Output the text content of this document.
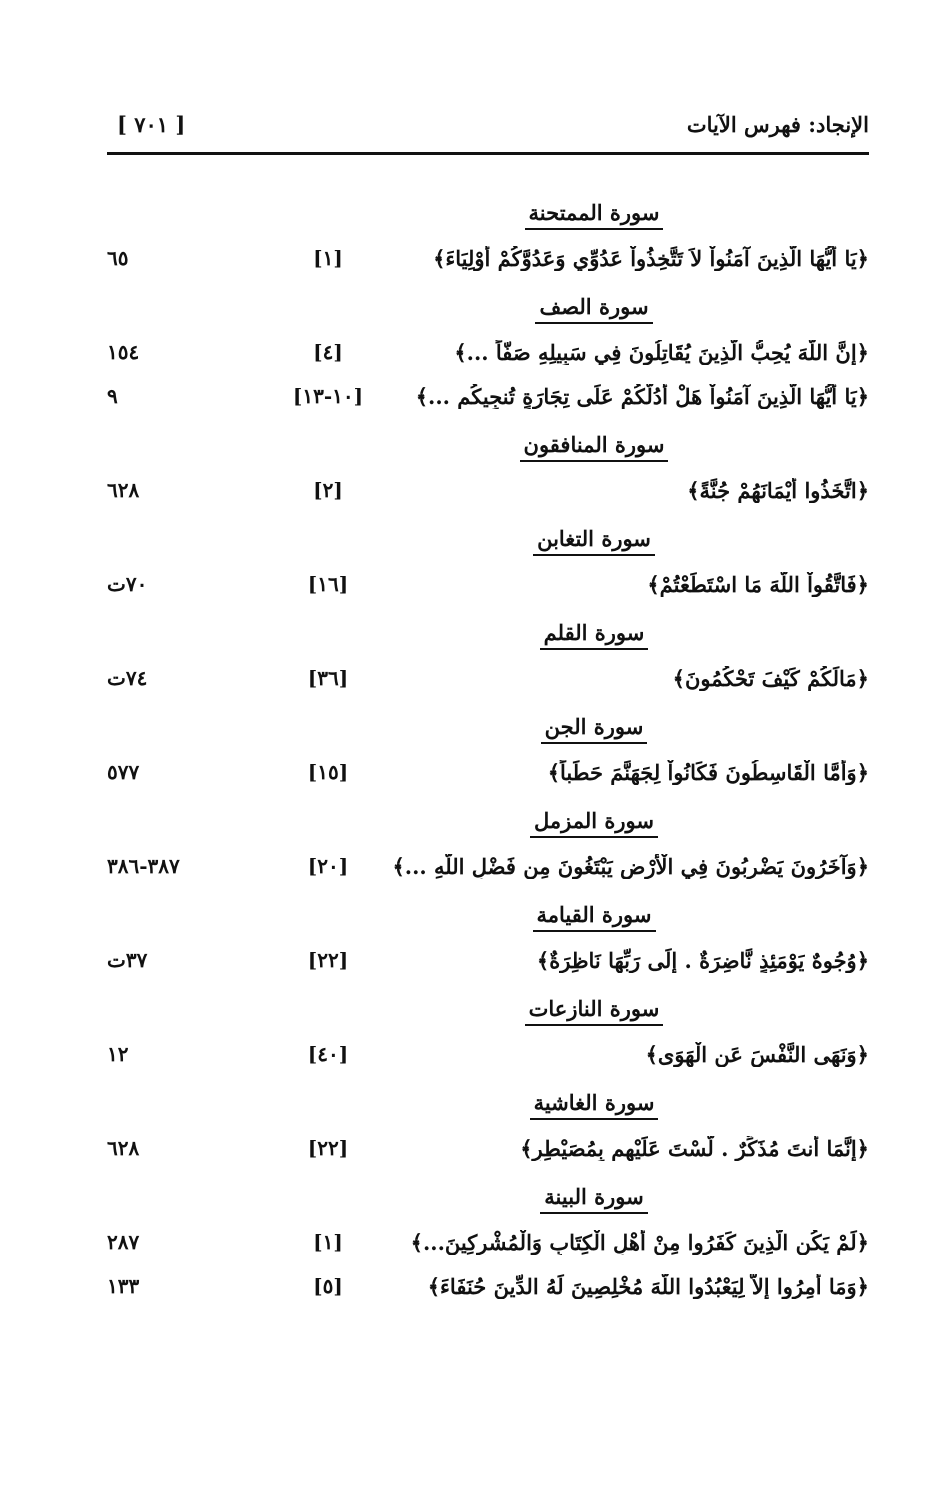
الإنجاد: فهرس الآيات
[ ٧٠١ ]
سورة الممتحنة
﴿يَا أَيُّهَا الَّذِينَ آمَنُواْ لاَ تَتَّخِذُواْ عَدُوِّي وَعَدُوَّكُمْ أَوْلِيَاءَ﴾
[١]
٦٥
سورة الصف
﴿إِنَّ اللَّهَ يُحِبُّ الَّذِينَ يُقَاتِلُونَ فِي سَبِيلِهِ صَفّاً ...﴾
[٤]
١٥٤
﴿يَا أَيُّهَا الَّذِينَ آمَنُواْ هَلْ أَدُلُّكُمْ عَلَى تِجَارَةٍ تُنجِيكُم ...﴾
[١٠-١٣]
٩
سورة المنافقون
﴿اتَّخَذُوا أَيْمَانَهُمْ جُنَّةً﴾
[٢]
٦٢٨
سورة التغابن
﴿فَاتَّقُواْ اللَّهَ مَا اسْتَطَعْتُمْ﴾
[١٦]
٧٠ت
سورة القلم
﴿مَالَكُمْ كَيْفَ تَحْكُمُونَ﴾
[٣٦]
٧٤ت
سورة الجن
﴿وَأَمَّا الْقَاسِطُونَ فَكَانُواْ لِجَهَنَّمَ حَطَباً﴾
[١٥]
٥٧٧
سورة المزمل
﴿وَآخَرُونَ يَضْرِبُونَ فِي الْأَرْضِ يَبْتَغُونَ مِن فَضْلِ اللَّهِ ...﴾
[٢٠]
٣٨٧-٣٨٦
سورة القيامة
﴿وُجُوهٌ يَوْمَئِذٍ نَّاضِرَةٌ . إِلَى رَبِّهَا نَاظِرَةٌ﴾
[٢٢]
٣٧ت
سورة النازعات
﴿وَنَهَى النَّفْسَ عَنِ الْهَوَى﴾
[٤٠]
١٢
سورة الغاشية
﴿إِنَّمَا أَنتَ مُذَكِّرٌ . لَّسْتَ عَلَيْهِم بِمُصَيْطِرٍ﴾
[٢٢]
٦٢٨
سورة البينة
﴿لَمْ يَكُنِ الَّذِينَ كَفَرُوا مِنْ أَهْلِ الْكِتَابِ وَالْمُشْرِكِينَ...﴾
[١]
٢٨٧
﴿وَمَا أُمِرُوا إِلاَّ لِيَعْبُدُوا اللَّهَ مُخْلِصِينَ لَهُ الدِّينَ حُنَفَاءَ﴾
[٥]
١٣٣
